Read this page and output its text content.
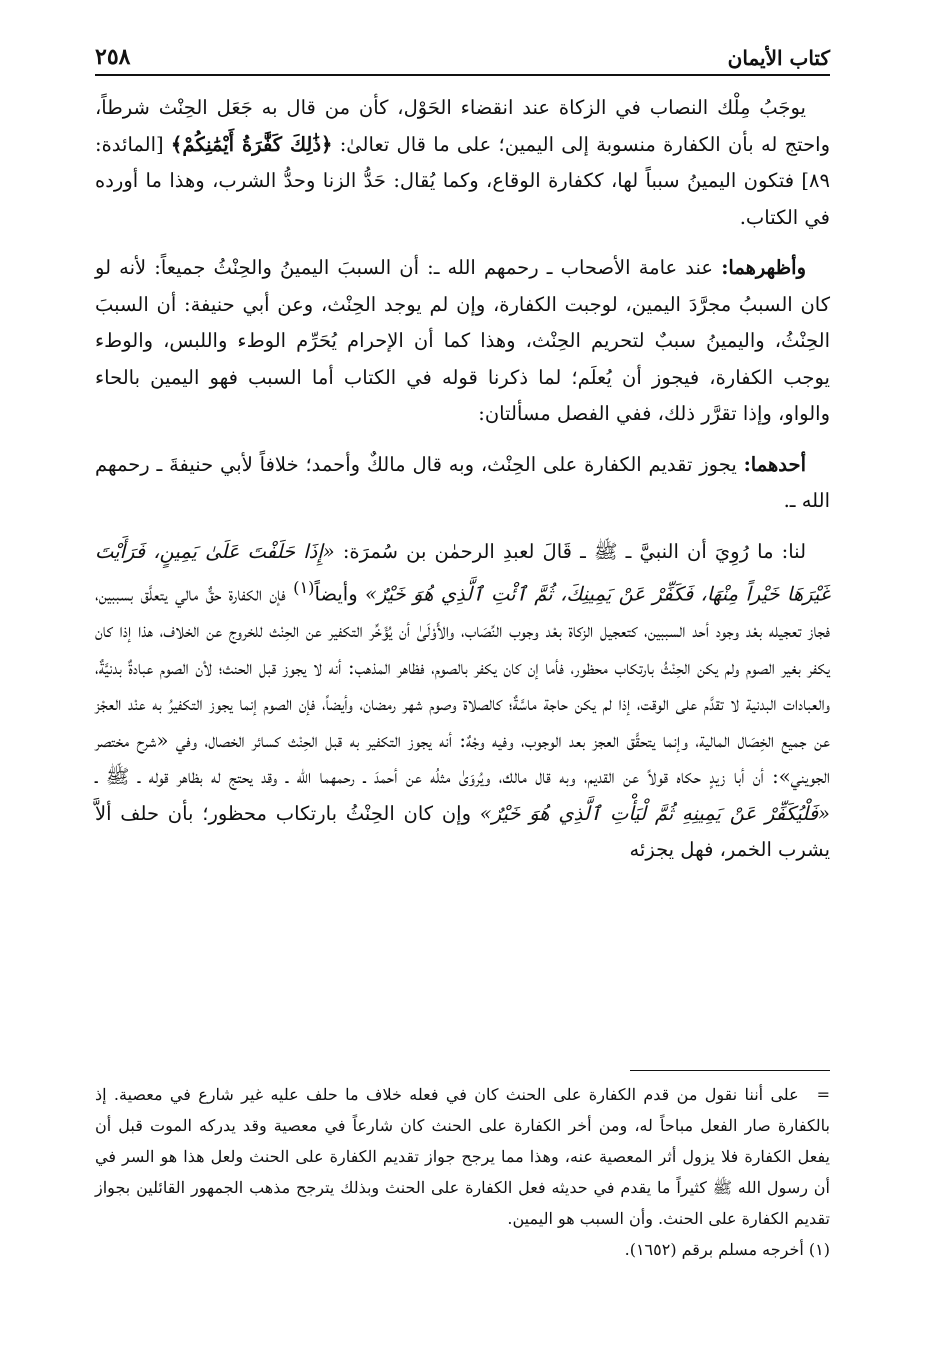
كتاب الأيمان
٢٥٨

يوجَبُ مِلْك النصاب في الزكاة عند انقضاء الحَوْل، كأن من قال به جَعَل الحِنْث شرطاً، واحتج له بأن الكفارة منسوبة إلى اليمين؛ على ما قال تعالىٰ: ﴿ذَٰلِكَ كَفَّٰرَةُ أَيْمَٰنِكُمْ﴾ [المائدة: ٨٩] فتكون اليمينُ سبباً لها، ككفارة الوقاع، وكما يُقال: حَدُّ الزنا وحدُّ الشرب، وهذا ما أورده في الكتاب.

وأظهرهما: عند عامة الأصحاب ـ رحمهم الله ـ: أن السببَ اليمينُ والحِنْثُ جميعاً: لأنه لو كان السببُ مجرَّدَ اليمين، لوجبت الكفارة، وإن لم يوجد الحِنْث، وعن أبي حنيفة: أن السببَ الحِنْثُ، واليمينُ سببٌ لتحريم الحِنْث، وهذا كما أن الإحرام يُحَرِّم الوطء واللبس، والوطء يوجب الكفارة، فيجوز أن يُعلَم؛ لما ذكرنا قوله في الكتاب أما السبب فهو اليمين بالحاء والواو، وإذا تقرَّر ذلك، ففي الفصل مسألتان:

أحدهما: يجوز تقديم الكفارة على الحِنْث، وبه قال مالكٌ وأحمد؛ خلافاً لأبي حنيفةَ ـ رحمهم الله ـ.

لنا: ما رُوِيَ أن النبيَّ ـ ﷺ ـ قَالَ لعبدِ الرحمٰن بن سُمرَة: «إِذَا حَلَفْتَ عَلَىٰ يَمِينٍ، فَرَأَيْتَ غَيْرَهَا خَيْراً مِنْهَا، فَكَفِّرْ عَنْ يَمِينِكَ، ثُمَّ ٱئْتِ ٱلَّذِي هُوَ خَيْرٌ» وأيضاً$^{(١)}$ فإن الكفارة حقٌّ مالي يتعلَّق بسببين، فجاز تعجيله بعْد وجود أحد السببين، كتعجيل الزكاة بعْد وجوب النِّصَاب، والأَوْلَىٰ أن يُؤَخِّر التكفير عن الحِنْث للخروج عن الخلاف، هذا إذا كان يكفر بغير الصوم ولم يكن الحِنْثُ بارتكاب محظور، فأما إن كان يكفر بالصوم، فظاهر المذهب: أنه لا يجوز قبل الحنث؛ لأن الصوم عبادةٌ بدنيَّةٌ، والعبادات البدنية لا تقدَّم على الوقت، إذا لم يكن حاجة ماسَّةٌ؛ كالصلاة وصوم شهر رمضان، وأيضاً، فإن الصوم إنما يجوز التكفيرُ به عنْد العجْز عن جميع الخِصَال المالية، وإنما يتحقَّق العجز بعد الوجوب، وفيه وجْهٌ: أنه يجوز التكفير به قبل الحِنْث كسائر الخصال، وفي «شرح مختصر الجويني»: أن أبا زيدٍ حكاه قولاً عن القديم، وبه قال مالك، ويُروَىٰ مثلُه عن أحمدَ ـ رحمهما الله ـ وقد يحتج له بظاهر قوله ـ ﷺ ـ «فَلْيُكَفِّرْ عَنْ يَمِينِهِ ثُمَّ لْيَأْتِ ٱلَّذِي هُوَ خَيْرٌ» وإن كان الحِنْثُ بارتكاب محظور؛ بأن حلف ألاَّ يشرب الخمر، فهل يجزئه

= على أننا نقول من قدم الكفارة على الحنث كان في فعله خلاف ما حلف عليه غير شارع في معصية. إذ بالكفارة صار الفعل مباحاً له، ومن أخر الكفارة على الحنث كان شارعاً في معصية وقد يدركه الموت قبل أن يفعل الكفارة فلا يزول أثر المعصية عنه، وهذا مما يرجح جواز تقديم الكفارة على الحنث ولعل هذا هو السر في أن رسول الله ﷺ كثيراً ما يقدم في حديثه فعل الكفارة على الحنث وبذلك يترجح مذهب الجمهور القائلين بجواز تقديم الكفارة على الحنث. وأن السبب هو اليمين.

(١) أخرجه مسلم برقم (١٦٥٢).
